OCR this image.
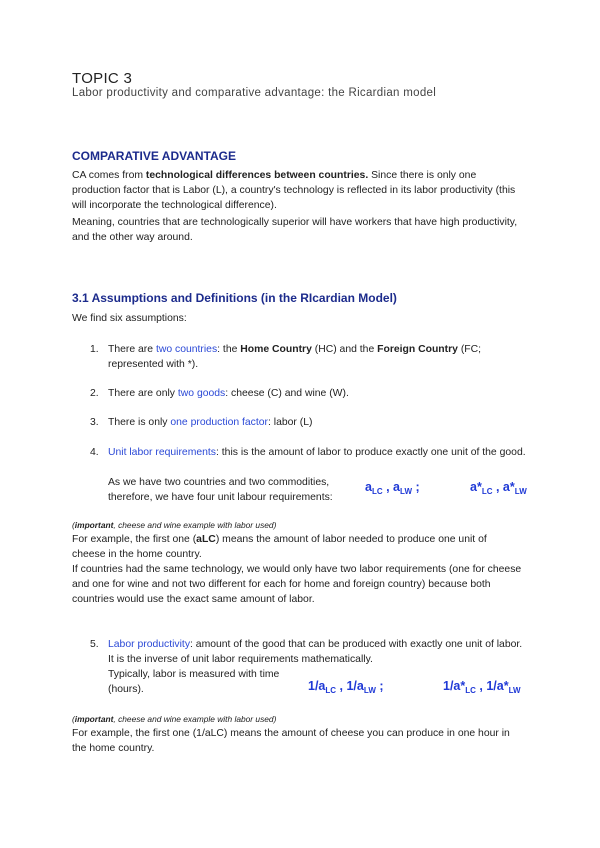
TOPIC 3
Labor productivity and comparative advantage: the Ricardian model
COMPARATIVE ADVANTAGE
CA comes from technological differences between countries. Since there is only one production factor that is Labor (L), a country's technology is reflected in its labor productivity (this will incorporate the technological difference).
Meaning, countries that are technologically superior will have workers that have high productivity, and the other way around.
3.1 Assumptions and Definitions (in the RIcardian Model)
We find six assumptions:
1. There are two countries: the Home Country (HC) and the Foreign Country (FC; represented with *).
2. There are only two goods: cheese (C) and wine (W).
3. There is only one production factor: labor (L)
4. Unit labor requirements: this is the amount of labor to produce exactly one unit of the good.
As we have two countries and two commodities, therefore, we have four unit labour requirements:
$a_{LC}$ , $a_{LW}$ ;	$a*_{LC}$ , $a*_{LW}$
(important, cheese and wine example with labor used)
For example, the first one (aLC) means the amount of labor needed to produce one unit of cheese in the home country.
If countries had the same technology, we would only have two labor requirements (one for cheese and one for wine and not two different for each for home and foreign country) because both countries would use the exact same amount of labor.
5. Labor productivity: amount of the good that can be produced with exactly one unit of labor. It is the inverse of unit labor requirements mathematically.
Typically, labor is measured with time (hours).	$1/a_{LC}$ , $1/a_{LW}$ ;	$1/a*_{LC}$ , $1/a*_{LW}$
(important, cheese and wine example with labor used)
For example, the first one (1/aLC) means the amount of cheese you can produce in one hour in the home country.
